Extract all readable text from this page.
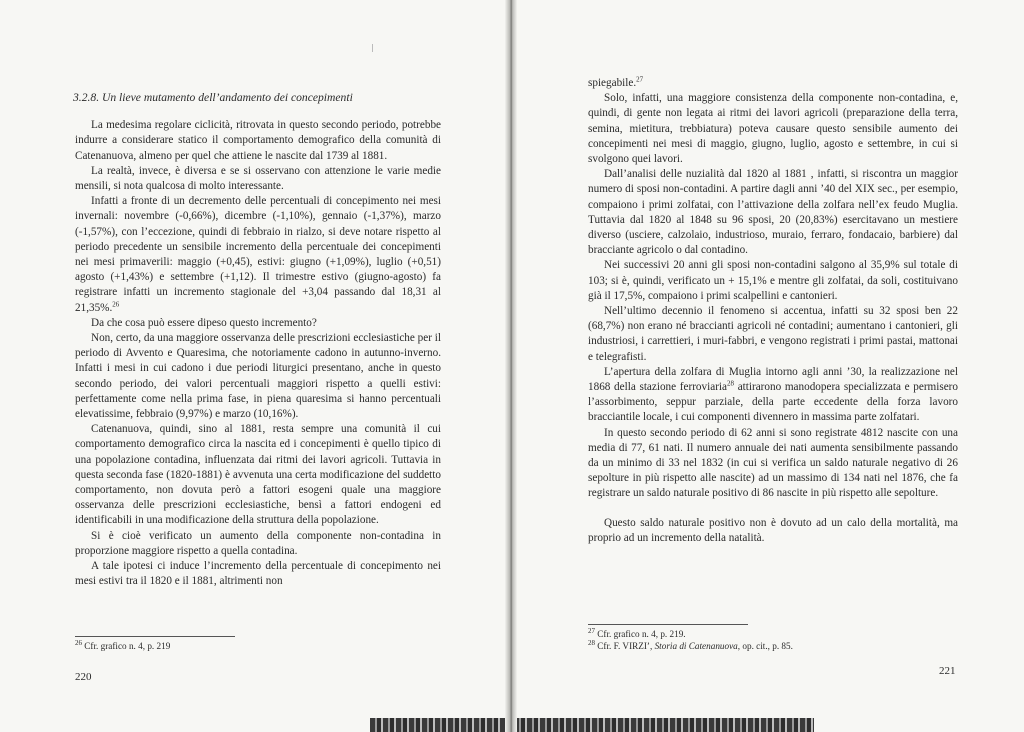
3.2.8. Un lieve mutamento dell’andamento dei concepimenti

La medesima regolare ciclicità, ritrovata in questo secondo periodo, potrebbe indurre a considerare statico il comportamento demografico della comunità di Catenanuova, almeno per quel che attiene le nascite dal 1739 al 1881.

La realtà, invece, è diversa e se si osservano con attenzione le varie medie mensili, si nota qualcosa di molto interessante.

Infatti a fronte di un decremento delle percentuali di concepimento nei mesi invernali: novembre (-0,66%), dicembre (-1,10%), gennaio (-1,37%), marzo (-1,57%), con l’eccezione, quindi di febbraio in rialzo, si deve notare rispetto al periodo precedente un sensibile incremento della percentuale dei concepimenti nei mesi primaverili: maggio (+0,45), estivi: giugno (+1,09%), luglio (+0,51) agosto (+1,43%) e settembre (+1,12). Il trimestre estivo (giugno-agosto) fa registrare infatti un incremento stagionale del +3,04 passando dal 18,31 al 21,35%.$^{26}$

Da che cosa può essere dipeso questo incremento?

Non, certo, da una maggiore osservanza delle prescrizioni ecclesiastiche per il periodo di Avvento e Quaresima, che notoriamente cadono in autunno-inverno. Infatti i mesi in cui cadono i due periodi liturgici presentano, anche in questo secondo periodo, dei valori percentuali maggiori rispetto a quelli estivi: perfettamente come nella prima fase, in piena quaresima si hanno percentuali elevatissime, febbraio (9,97%) e marzo (10,16%).

Catenanuova, quindi, sino al 1881, resta sempre una comunità il cui comportamento demografico circa la nascita ed i concepimenti è quello tipico di una popolazione contadina, influenzata dai ritmi dei lavori agricoli. Tuttavia in questa seconda fase (1820-1881) è avvenuta una certa modificazione del suddetto comportamento, non dovuta però a fattori esogeni quale una maggiore osservanza delle prescrizioni ecclesiastiche, bensì a fattori endogeni ed identificabili in una modificazione della struttura della popolazione.

Si è cioè verificato un aumento della componente non-contadina in proporzione maggiore rispetto a quella contadina.

A tale ipotesi ci induce l’incremento della percentuale di concepimento nei mesi estivi tra il 1820 e il 1881, altrimenti non

$^{26}$ Cfr. grafico n. 4, p. 219
220

spiegabile.$^{27}$

Solo, infatti, una maggiore consistenza della componente non-contadina, e, quindi, di gente non legata ai ritmi dei lavori agricoli (preparazione della terra, semina, mietitura, trebbiatura) poteva causare questo sensibile aumento dei concepimenti nei mesi di maggio, giugno, luglio, agosto e settembre, in cui si svolgono quei lavori.

Dall’analisi delle nuzialità dal 1820 al 1881 , infatti, si riscontra un maggior numero di sposi non-contadini. A partire dagli anni ’40 del XIX sec., per esempio, compaiono i primi zolfatai, con l’attivazione della zolfara nell’ex feudo Muglia. Tuttavia dal 1820 al 1848 su 96 sposi, 20 (20,83%) esercitavano un mestiere diverso (usciere, calzolaio, industrioso, muraio, ferraro, fondacaio, barbiere) dal bracciante agricolo o dal contadino.

Nei successivi 20 anni gli sposi non-contadini salgono al 35,9% sul totale di 103; si è, quindi, verificato un + 15,1% e mentre gli zolfatai, da soli, costituivano già il 17,5%, compaiono i primi scalpellini e cantonieri.

Nell’ultimo decennio il fenomeno si accentua, infatti su 32 sposi ben 22 (68,7%) non erano né braccianti agricoli né contadini; aumentano i cantonieri, gli industriosi, i carrettieri, i muri-fabbri, e vengono registrati i primi pastai, mattonai e telegrafisti.

L’apertura della zolfara di Muglia intorno agli anni ’30, la realizzazione nel 1868 della stazione ferroviaria$^{28}$ attirarono manodopera specializzata e permisero l’assorbimento, seppur parziale, della parte eccedente della forza lavoro bracciantile locale, i cui componenti divennero in massima parte zolfatari.

In questo secondo periodo di 62 anni si sono registrate 4812 nascite con una media di 77, 61 nati. Il numero annuale dei nati aumenta sensibilmente passando da un minimo di 33 nel 1832 (in cui si verifica un saldo naturale negativo di 26 sepolture in più rispetto alle nascite) ad un massimo di 134 nati nel 1876, che fa registrare un saldo naturale positivo di 86 nascite in più rispetto alle sepolture.

Questo saldo naturale positivo non è dovuto ad un calo della mortalità, ma proprio ad un incremento della natalità.

$^{27}$ Cfr. grafico n. 4, p. 219.
$^{28}$ Cfr. F. VIRZI’, Storia di Catenanuova, op. cit., p. 85.
221
